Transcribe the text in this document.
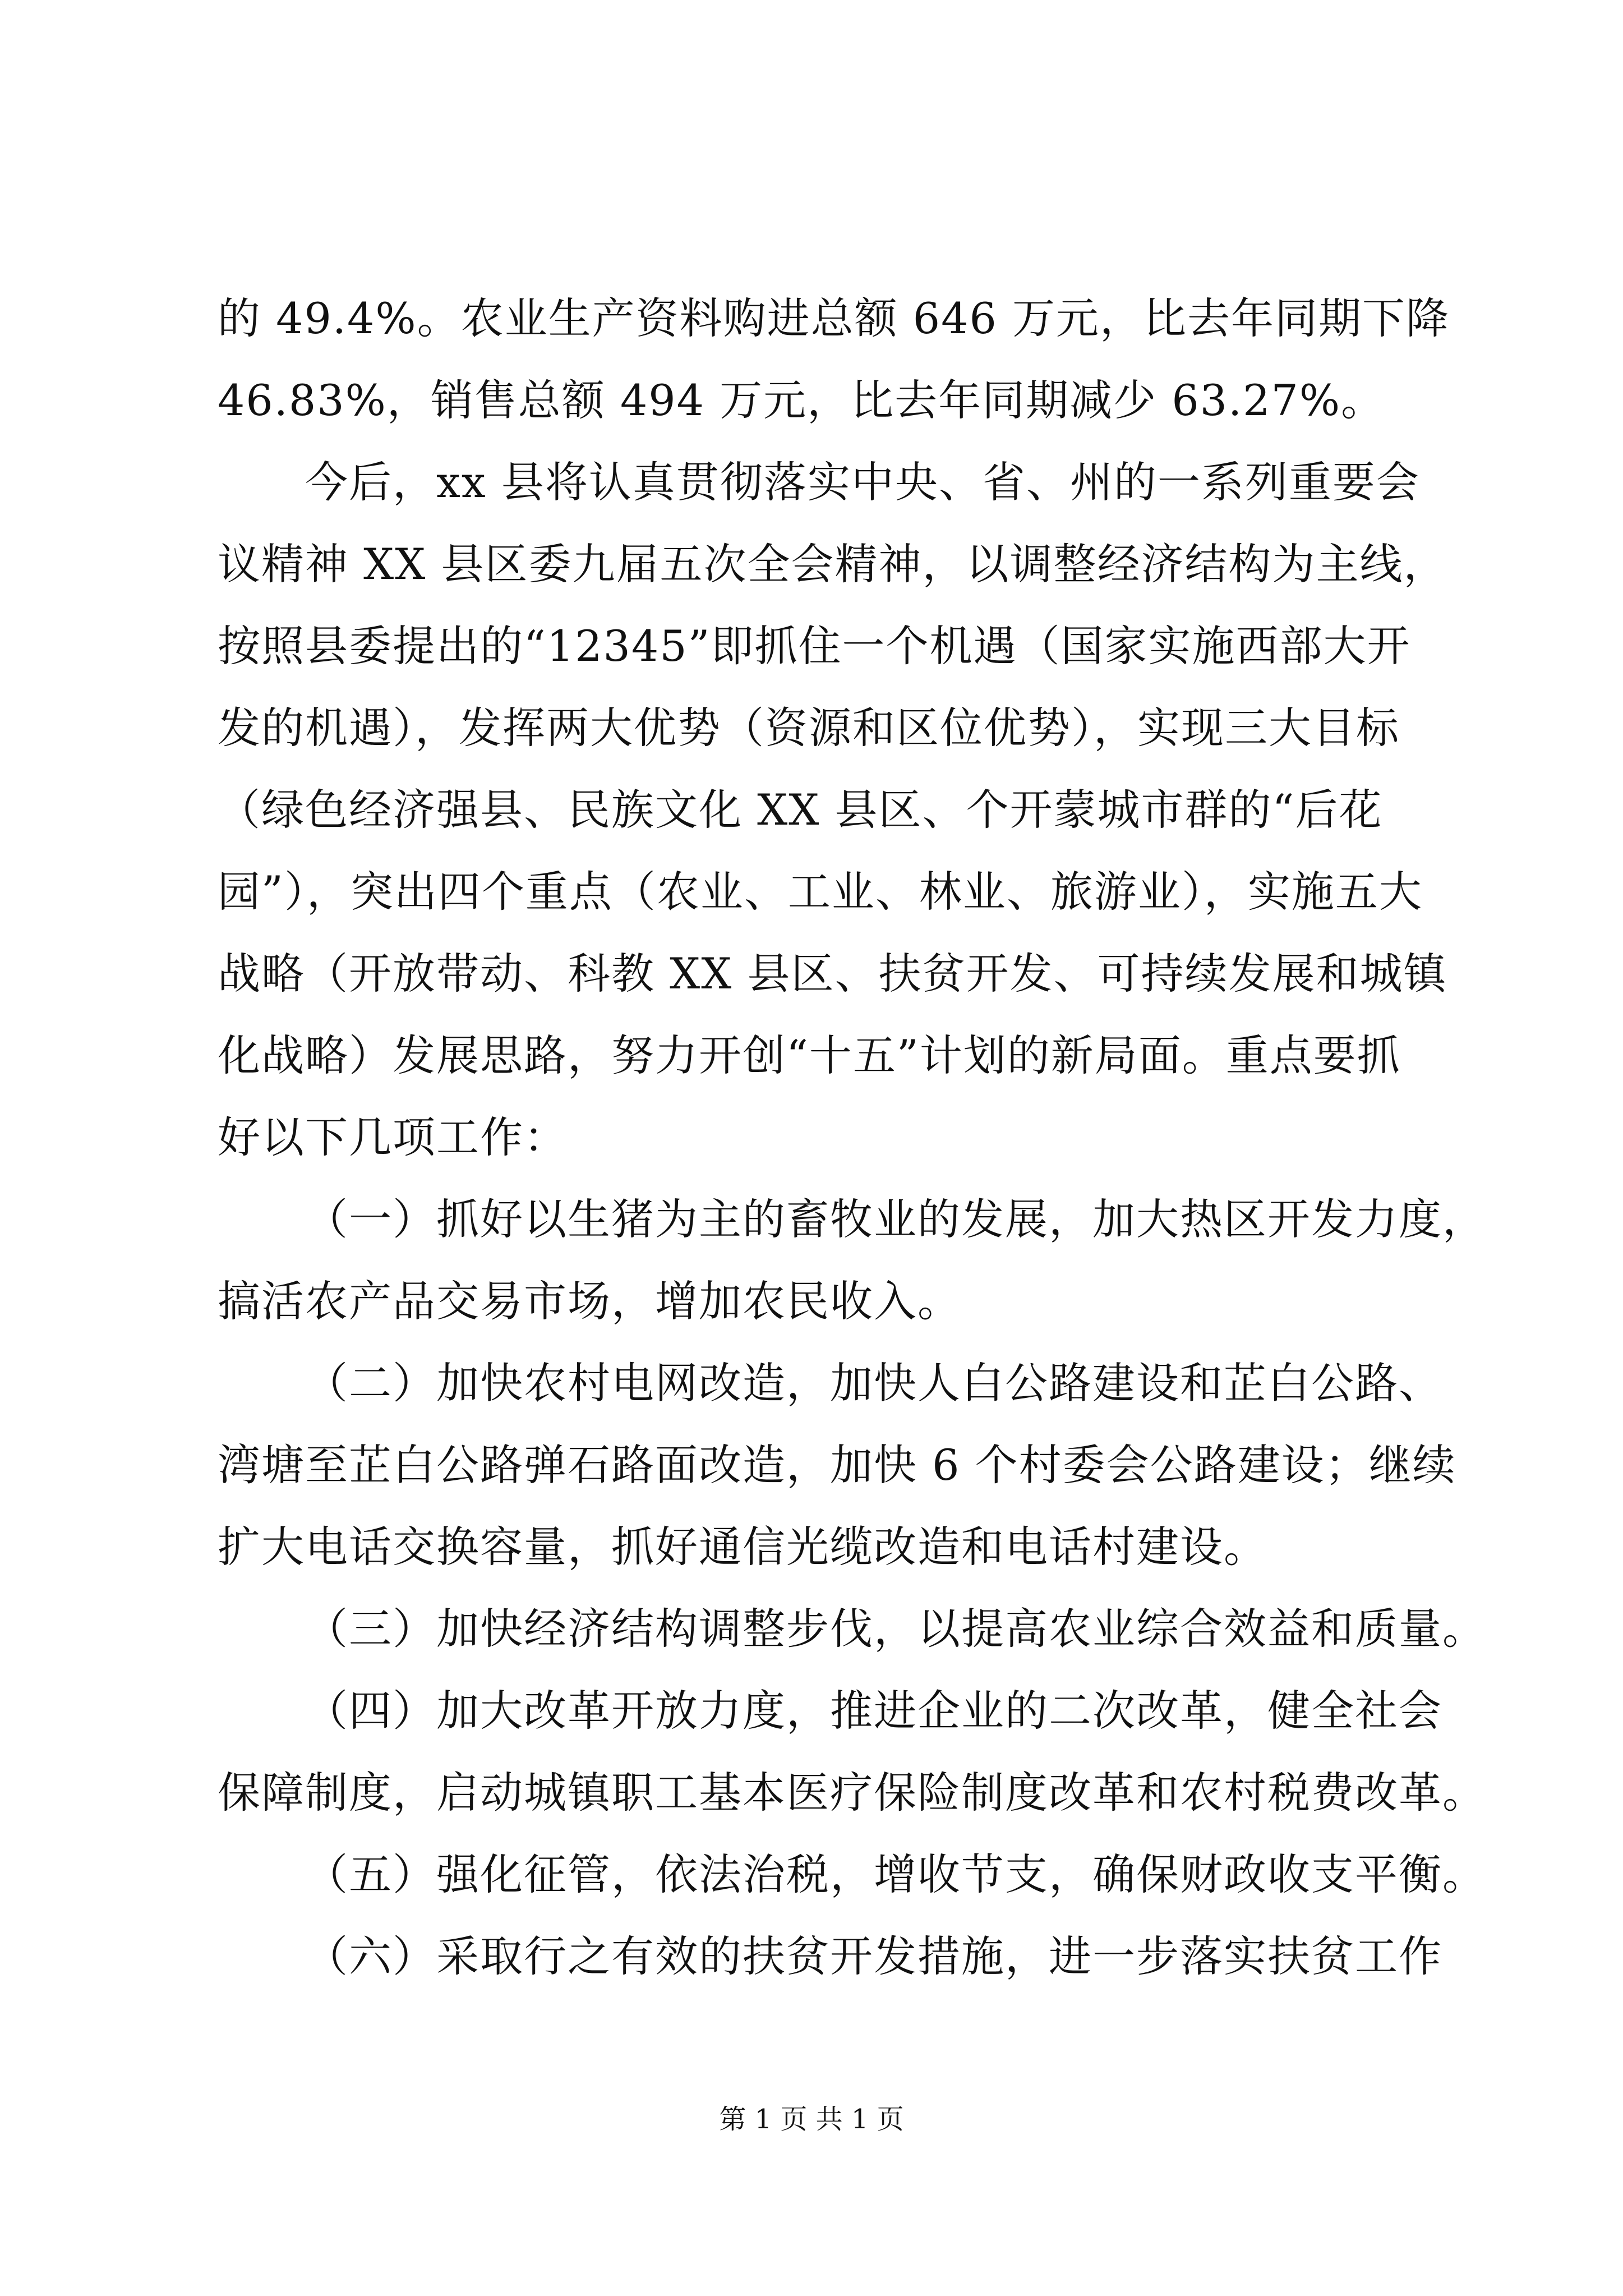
的 49.4%。农业生产资料购进总额 646 万元，比去年同期下降
46.83%，销售总额 494 万元，比去年同期减少 63.27%。
今后，xx 县将认真贯彻落实中央、省、州的一系列重要会
议精神 XX 县区委九届五次全会精神，以调整经济结构为主线，
按照县委提出的“12345”即抓住一个机遇（国家实施西部大开
发的机遇），发挥两大优势（资源和区位优势），实现三大目标
（绿色经济强县、民族文化 XX 县区、个开蒙城市群的“后花
园”），突出四个重点（农业、工业、林业、旅游业），实施五大
战略（开放带动、科教 XX 县区、扶贫开发、可持续发展和城镇
化战略）发展思路，努力开创“十五”计划的新局面。重点要抓
好以下几项工作：
（一）抓好以生猪为主的畜牧业的发展，加大热区开发力度，
搞活农产品交易市场，增加农民收入。
（二）加快农村电网改造，加快人白公路建设和芷白公路、
湾塘至芷白公路弹石路面改造，加快 6 个村委会公路建设；继续
扩大电话交换容量，抓好通信光缆改造和电话村建设。
（三）加快经济结构调整步伐，以提高农业综合效益和质量。
（四）加大改革开放力度，推进企业的二次改革，健全社会
保障制度，启动城镇职工基本医疗保险制度改革和农村税费改革。
（五）强化征管，依法治税，增收节支，确保财政收支平衡。
（六）采取行之有效的扶贫开发措施，进一步落实扶贫工作
第 1 页 共 1 页
